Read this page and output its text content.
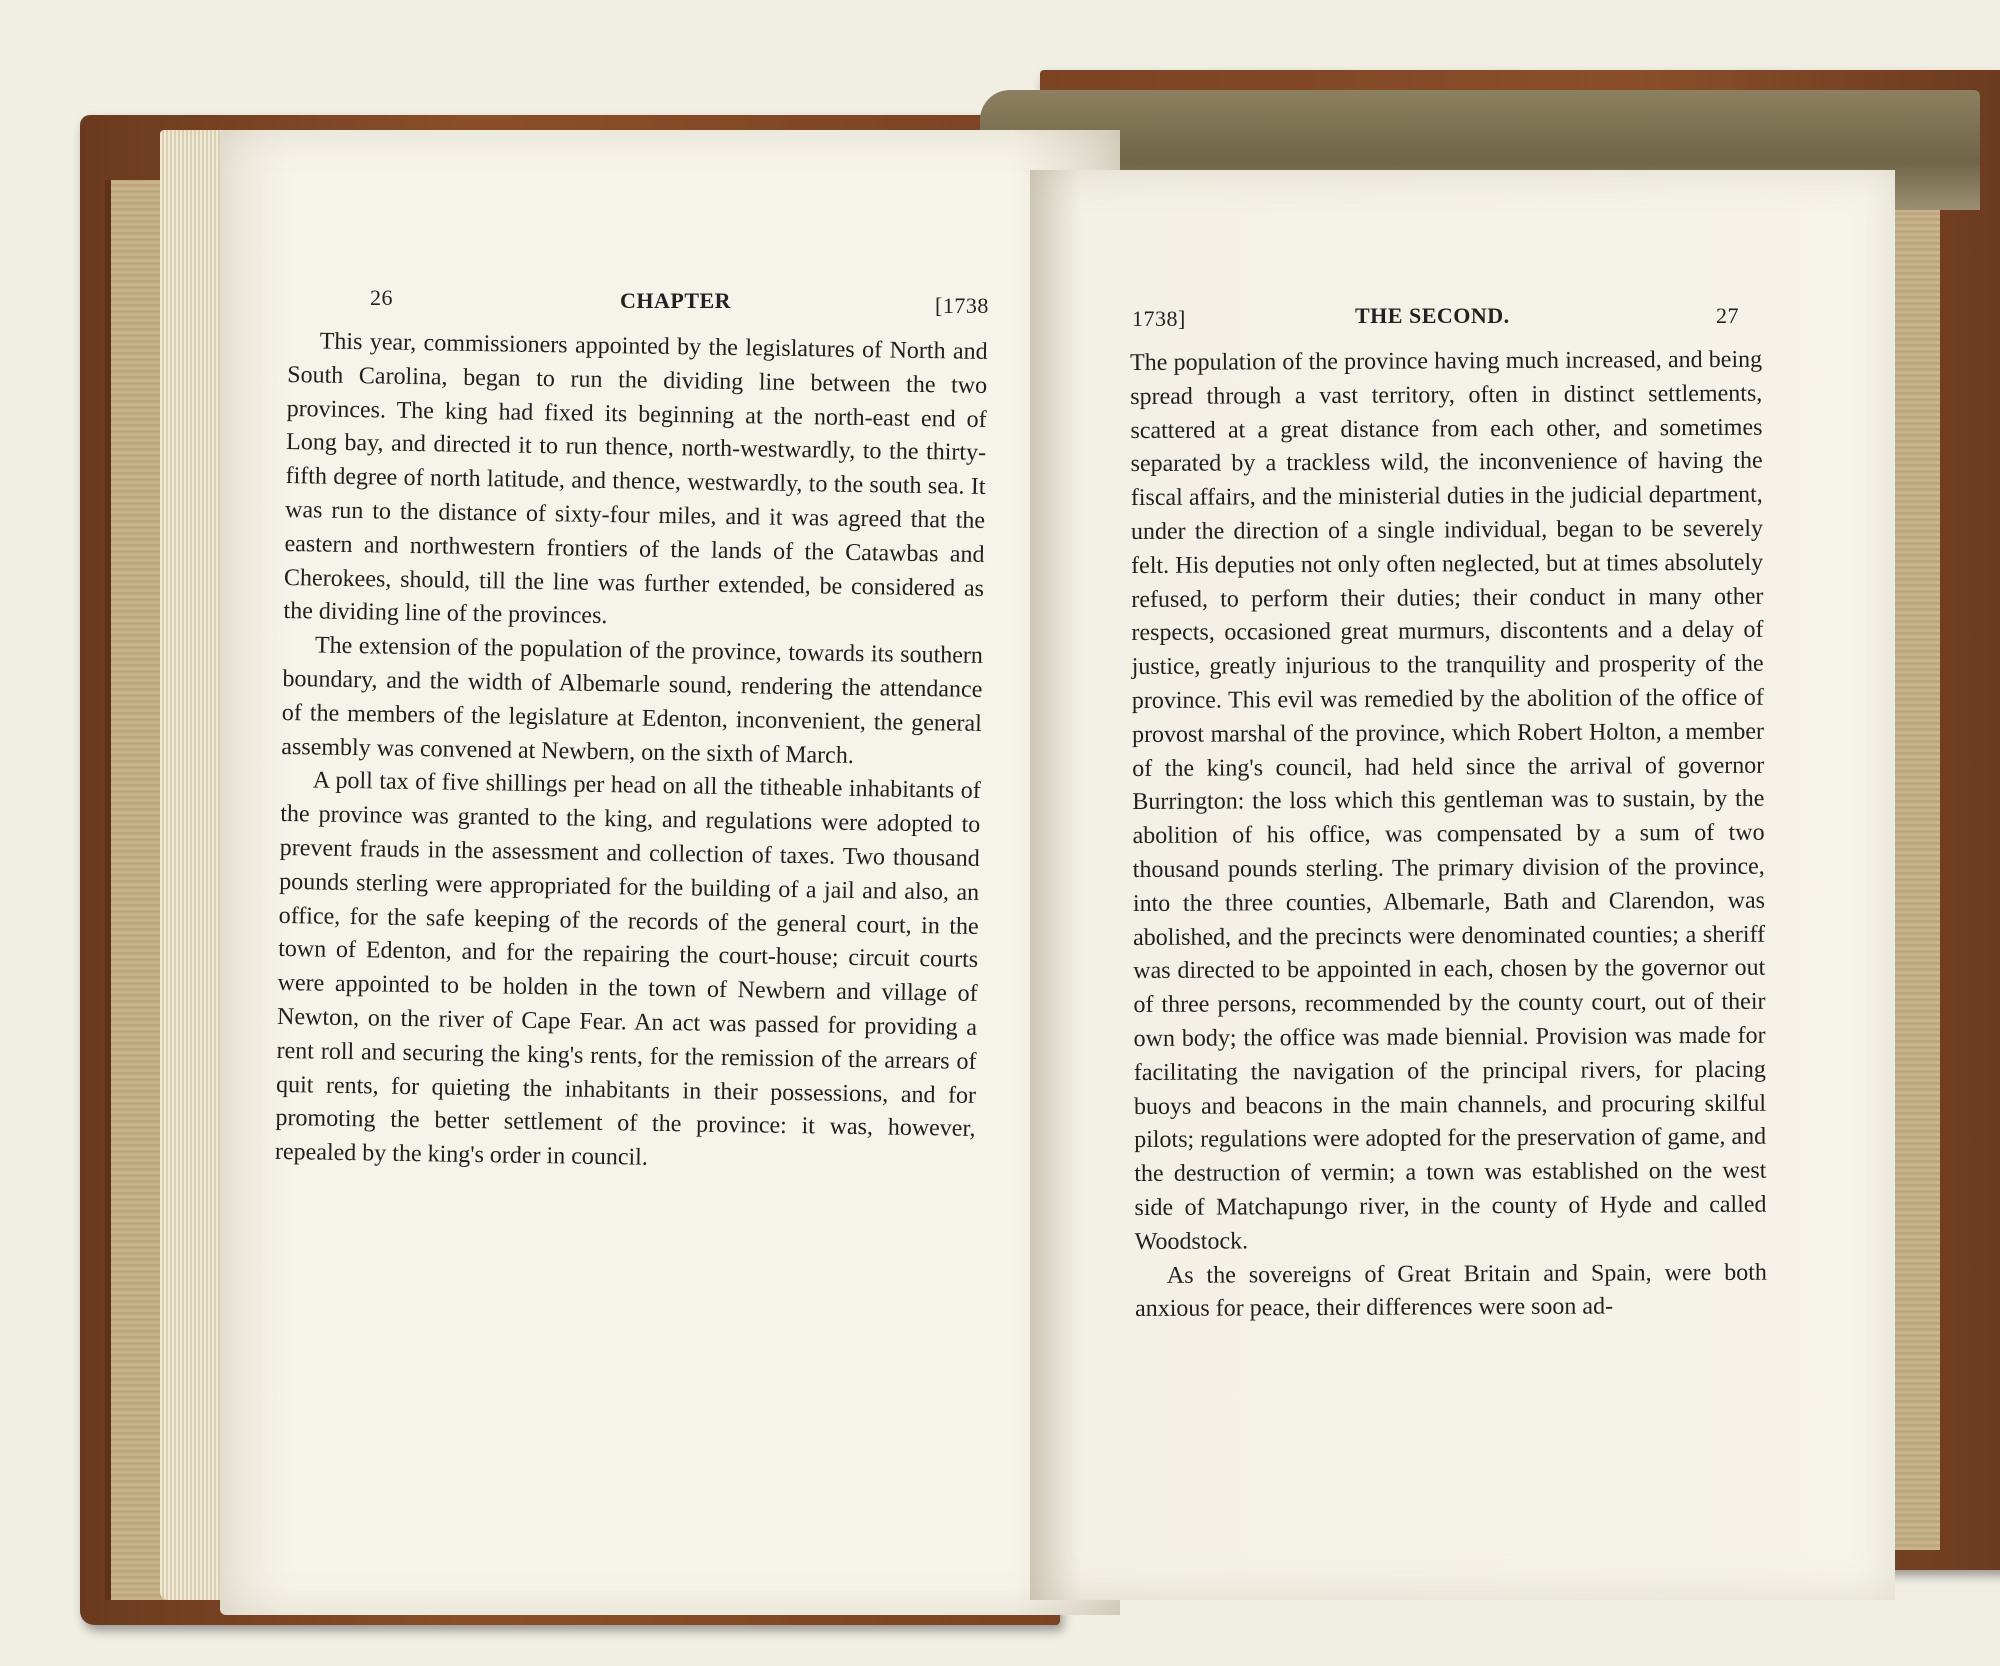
26	CHAPTER	[1738

This year, commissioners appointed by the legislatures of North and South Carolina, began to run the dividing line between the two provinces. The king had fixed its beginning at the north-east end of Long bay, and directed it to run thence, north-westwardly, to the thirty-fifth degree of north latitude, and thence, westwardly, to the south sea. It was run to the distance of sixty-four miles, and it was agreed that the eastern and northwestern frontiers of the lands of the Catawbas and Cherokees, should, till the line was further extended, be considered as the dividing line of the provinces.

The extension of the population of the province, towards its southern boundary, and the width of Albemarle sound, rendering the attendance of the members of the legislature at Edenton, inconvenient, the general assembly was convened at Newbern, on the sixth of March.

A poll tax of five shillings per head on all the titheable inhabitants of the province was granted to the king, and regulations were adopted to prevent frauds in the assessment and collection of taxes. Two thousand pounds sterling were appropriated for the building of a jail and also, an office, for the safe keeping of the records of the general court, in the town of Edenton, and for the repairing the court-house; circuit courts were appointed to be holden in the town of Newbern and village of Newton, on the river of Cape Fear. An act was passed for providing a rent roll and securing the king's rents, for the remission of the arrears of quit rents, for quieting the inhabitants in their possessions, and for promoting the better settlement of the province: it was, however, repealed by the king's order in council.

1738]	THE SECOND.	27

The population of the province having much increased, and being spread through a vast territory, often in distinct settlements, scattered at a great distance from each other, and sometimes separated by a trackless wild, the inconvenience of having the fiscal affairs, and the ministerial duties in the judicial department, under the direction of a single individual, began to be severely felt. His deputies not only often neglected, but at times absolutely refused, to perform their duties; their conduct in many other respects, occasioned great murmurs, discontents and a delay of justice, greatly injurious to the tranquility and prosperity of the province. This evil was remedied by the abolition of the office of provost marshal of the province, which Robert Holton, a member of the king's council, had held since the arrival of governor Burrington: the loss which this gentleman was to sustain, by the abolition of his office, was compensated by a sum of two thousand pounds sterling. The primary division of the province, into the three counties, Albemarle, Bath and Clarendon, was abolished, and the precincts were denominated counties; a sheriff was directed to be appointed in each, chosen by the governor out of three persons, recommended by the county court, out of their own body; the office was made biennial. Provision was made for facilitating the navigation of the principal rivers, for placing buoys and beacons in the main channels, and procuring skilful pilots; regulations were adopted for the preservation of game, and the destruction of vermin; a town was established on the west side of Matchapungo river, in the county of Hyde and called Woodstock.

As the sovereigns of Great Britain and Spain, were both anxious for peace, their differences were soon ad-
